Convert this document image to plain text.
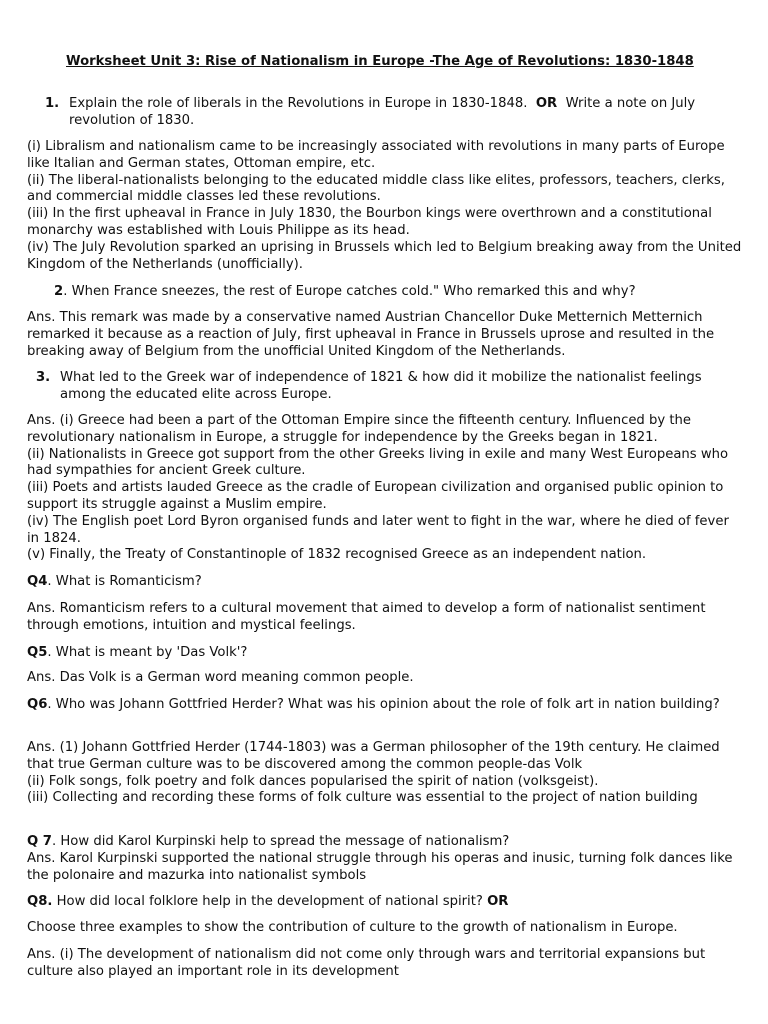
Worksheet Unit 3: Rise of Nationalism in Europe -The Age of Revolutions: 1830-1848
1. Explain the role of liberals in the Revolutions in Europe in 1830-1848. OR Write a note on July revolution of 1830.

(i) Libralism and nationalism came to be increasingly associated with revolutions in many parts of Europe like Italian and German states, Ottoman empire, etc.

(ii) The liberal-nationalists belonging to the educated middle class like elites, professors, teachers, clerks, and commercial middle classes led these revolutions.

(iii) In the first upheaval in France in July 1830, the Bourbon kings were overthrown and a constitutional monarchy was established with Louis Philippe as its head.

(iv) The July Revolution sparked an uprising in Brussels which led to Belgium breaking away from the United Kingdom of the Netherlands (unofficially).

2. When France sneezes, the rest of Europe catches cold." Who remarked this and why?

Ans. This remark was made by a conservative named Austrian Chancellor Duke Metternich Metternich remarked it because as a reaction of July, first upheaval in France in Brussels uprose and resulted in the breaking away of Belgium from the unofficial United Kingdom of the Netherlands.

3. What led to the Greek war of independence of 1821 & how did it mobilize the nationalist feelings among the educated elite across Europe.

Ans. (i) Greece had been a part of the Ottoman Empire since the fifteenth century. Influenced by the revolutionary nationalism in Europe, a struggle for independence by the Greeks began in 1821.

(ii) Nationalists in Greece got support from the other Greeks living in exile and many West Europeans who had sympathies for ancient Greek culture.

(iii) Poets and artists lauded Greece as the cradle of European civilization and organised public opinion to support its struggle against a Muslim empire.

(iv) The English poet Lord Byron organised funds and later went to fight in the war, where he died of fever in 1824.

(v) Finally, the Treaty of Constantinople of 1832 recognised Greece as an independent nation.

Q4. What is Romanticism?

Ans. Romanticism refers to a cultural movement that aimed to develop a form of nationalist sentiment through emotions, intuition and mystical feelings.

Q5. What is meant by 'Das Volk'?

Ans. Das Volk is a German word meaning common people.

Q6. Who was Johann Gottfried Herder? What was his opinion about the role of folk art in nation building?

Ans. (1) Johann Gottfried Herder (1744-1803) was a German philosopher of the 19th century. He claimed that true German culture was to be discovered among the common people-das Volk

(ii) Folk songs, folk poetry and folk dances popularised the spirit of nation (volksgeist).

(iii) Collecting and recording these forms of folk culture was essential to the project of nation building

Q 7. How did Karol Kurpinski help to spread the message of nationalism?

Ans. Karol Kurpinski supported the national struggle through his operas and inusic, turning folk dances like the polonaire and mazurka into nationalist symbols

Q8. How did local folklore help in the development of national spirit? OR

Choose three examples to show the contribution of culture to the growth of nationalism in Europe.

Ans. (i) The development of nationalism did not come only through wars and territorial expansions but culture also played an important role in its development
